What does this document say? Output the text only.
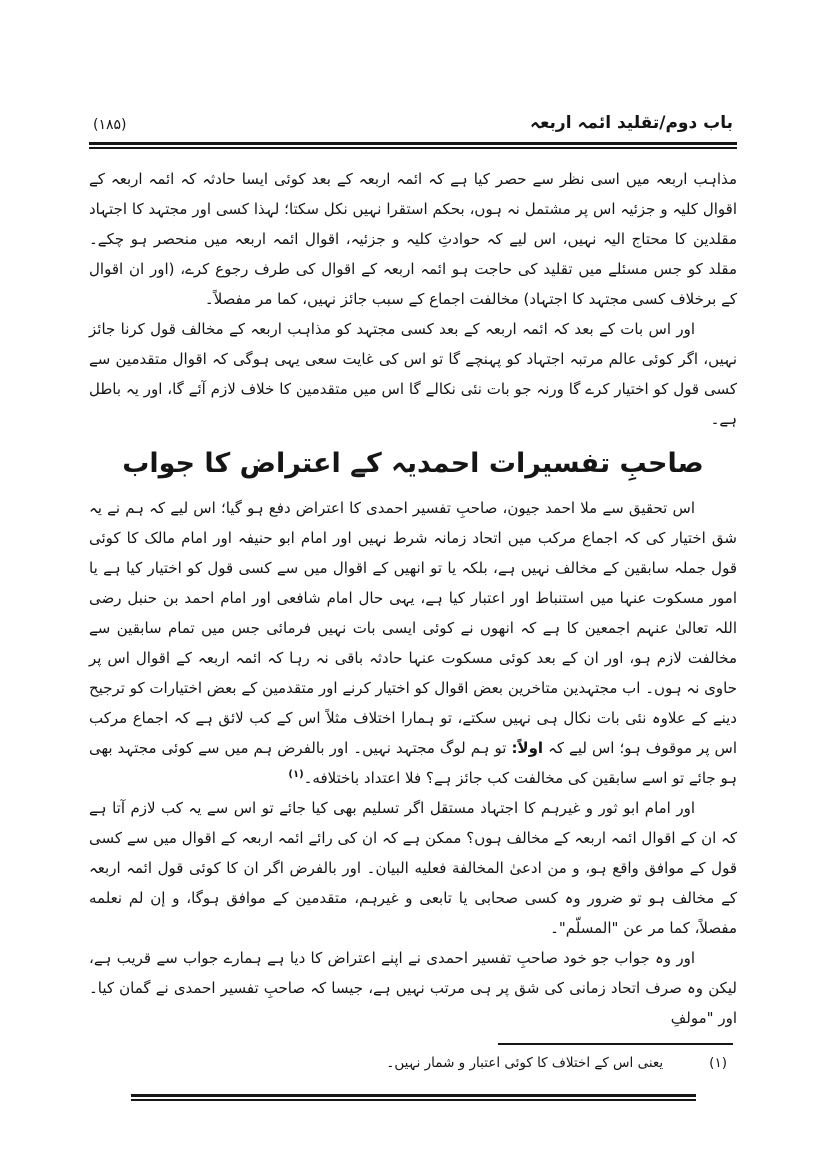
باب دوم/تقلید ائمہ اربعہ
(۱۸۵)

مذاہب اربعہ میں اسی نظر سے حصر کیا ہے کہ ائمہ اربعہ کے بعد کوئی ایسا حادثہ کہ ائمہ اربعہ کے اقوال کلیہ و جزئیہ اس پر مشتمل نہ ہوں، بحکم استقرا نہیں نکل سکتا؛ لہذا کسی اور مجتہد کا اجتہاد مقلدین کا محتاج الیہ نہیں، اس لیے کہ حوادثِ کلیہ و جزئیہ، اقوال ائمہ اربعہ میں منحصر ہو چکے۔ مقلد کو جس مسئلے میں تقلید کی حاجت ہو ائمہ اربعہ کے اقوال کی طرف رجوع کرے، (اور ان اقوال کے برخلاف کسی مجتہد کا اجتہاد) مخالفت اجماع کے سبب جائز نہیں، کما مر مفصلاً۔

اور اس بات کے بعد کہ ائمہ اربعہ کے بعد کسی مجتہد کو مذاہب اربعہ کے مخالف قول کرنا جائز نہیں، اگر کوئی عالم مرتبہ اجتہاد کو پہنچے گا تو اس کی غایت سعی یہی ہوگی کہ اقوال متقدمین سے کسی قول کو اختیار کرے گا ورنہ جو بات نئی نکالے گا اس میں متقدمین کا خلاف لازم آئے گا، اور یہ باطل ہے۔

صاحبِ تفسیرات احمدیہ کے اعتراض کا جواب

اس تحقیق سے ملا احمد جیون، صاحبِ تفسیر احمدی کا اعتراض دفع ہو گیا؛ اس لیے کہ ہم نے یہ شق اختیار کی کہ اجماع مرکب میں اتحاد زمانہ شرط نہیں اور امام ابو حنیفہ اور امام مالک کا کوئی قول جملہ سابقین کے مخالف نہیں ہے، بلکہ یا تو انھیں کے اقوال میں سے کسی قول کو اختیار کیا ہے یا امور مسکوت عنہا میں استنباط اور اعتبار کیا ہے، یہی حال امام شافعی اور امام احمد بن حنبل رضی اللہ تعالیٰ عنہم اجمعین کا ہے کہ انھوں نے کوئی ایسی بات نہیں فرمائی جس میں تمام سابقین سے مخالفت لازم ہو، اور ان کے بعد کوئی مسکوت عنہا حادثہ باقی نہ رہا کہ ائمہ اربعہ کے اقوال اس پر حاوی نہ ہوں۔ اب مجتہدین متاخرین بعض اقوال کو اختیار کرنے اور متقدمین کے بعض اختیارات کو ترجیح دینے کے علاوہ نئی بات نکال ہی نہیں سکتے، تو ہمارا اختلاف مثلاً اس کے کب لائق ہے کہ اجماع مرکب اس پر موقوف ہو؛ اس لیے کہ اولاً: تو ہم لوگ مجتہد نہیں۔ اور بالفرض ہم میں سے کوئی مجتہد بھی ہو جائے تو اسے سابقین کی مخالفت کب جائز ہے؟ فلا اعتداد باختلافه۔$^{(۱)}$

اور امام ابو ثور و غیرہم کا اجتہاد مستقل اگر تسلیم بھی کیا جائے تو اس سے یہ کب لازم آتا ہے کہ ان کے اقوال ائمہ اربعہ کے مخالف ہوں؟ ممکن ہے کہ ان کی رائے ائمہ اربعہ کے اقوال میں سے کسی قول کے موافق واقع ہو، و من ادعىٰ المخالفة فعليه البيان۔ اور بالفرض اگر ان کا کوئی قول ائمہ اربعہ کے مخالف ہو تو ضرور وہ کسی صحابی یا تابعی و غیرہم، متقدمین کے موافق ہوگا، و إن لم نعلمه مفصلاً، كما مر عن "المسلّم"۔

اور وہ جواب جو خود صاحبِ تفسیر احمدی نے اپنے اعتراض کا دیا ہے ہمارے جواب سے قریب ہے، لیکن وہ صرف اتحاد زمانی کی شق پر ہی مرتب نہیں ہے، جیسا کہ صاحبِ تفسیر احمدی نے گمان کیا۔ اور "مولفِ

(۱)
یعنی اس کے اختلاف کا کوئی اعتبار و شمار نہیں۔
